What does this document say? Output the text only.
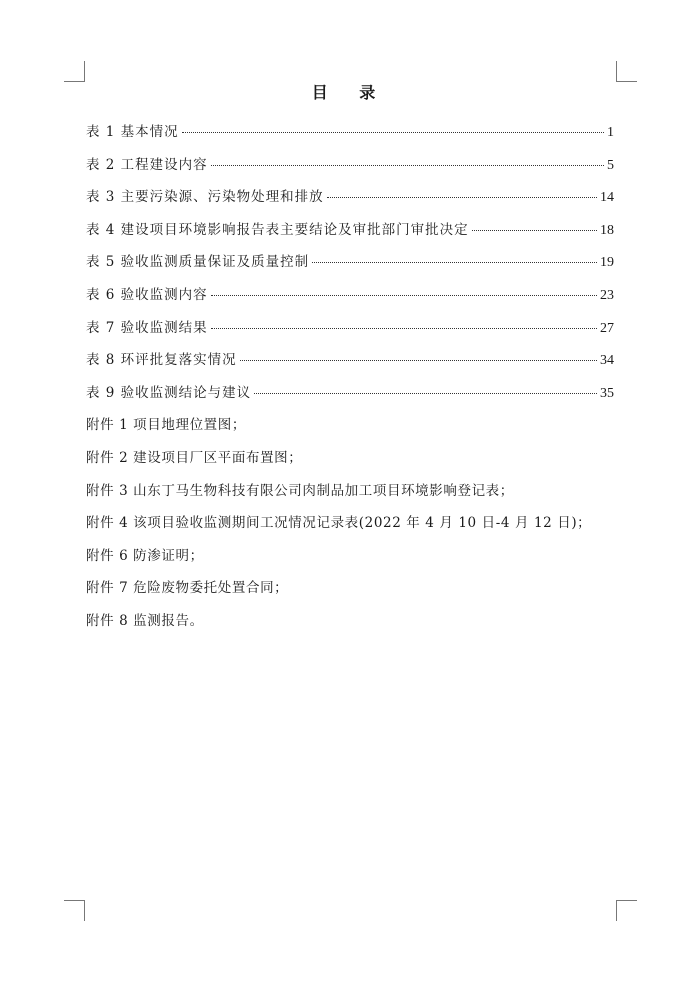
目 录
表 1 基本情况	1
表 2 工程建设内容	5
表 3 主要污染源、污染物处理和排放	14
表 4 建设项目环境影响报告表主要结论及审批部门审批决定	18
表 5 验收监测质量保证及质量控制	19
表 6 验收监测内容	23
表 7 验收监测结果	27
表 8 环评批复落实情况	34
表 9 验收监测结论与建议	35
附件 1 项目地理位置图；
附件 2 建设项目厂区平面布置图；
附件 3 山东丁马生物科技有限公司肉制品加工项目环境影响登记表；
附件 4 该项目验收监测期间工况情况记录表(2022 年 4 月 10 日-4 月 12 日)；
附件 6 防渗证明；
附件 7 危险废物委托处置合同；
附件 8 监测报告。
